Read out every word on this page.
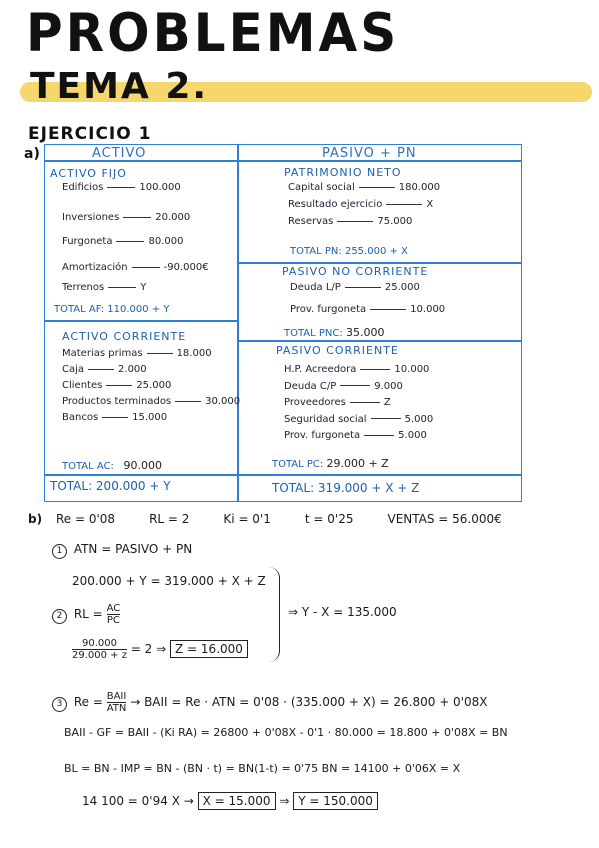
PROBLEMAS
TEMA 2.
EJERCICIO 1
a)	ACTIVO	PASIVO + PN
ACTIVO FIJO
Edificios	100.000
Inversiones	20.000
Furgoneta	80.000
Amortización	-90.000€
Terrenos	Y
TOTAL AF: 110.000 + Y
ACTIVO CORRIENTE
Materias primas	18.000
Caja	2.000
Clientes	25.000
Productos terminados	30.000
Bancos	15.000
TOTAL AC: 90.000
TOTAL: 200.000 + Y
PATRIMONIO NETO
Capital social	180.000
Resultado ejercicio	X
Reservas	75.000
TOTAL PN: 255.000 + X
PASIVO NO CORRIENTE
Deuda L/P	25.000
Prov. furgoneta	10.000
TOTAL PNC: 35.000
PASIVO CORRIENTE
H.P. Acreedora	10.000
Deuda C/P	9.000
Proveedores	Z
Seguridad social	5.000
Prov. furgoneta	5.000
TOTAL PC: 29.000 + Z
TOTAL: 319.000 + X + Z
b) Re = 0'08	RL = 2	Ki = 0'1	t = 0'25	VENTAS = 56.000€
1 ATN = PASIVO + PN
200.000 + Y = 319.000 + X + Z
2 RL = $\frac{AC}{PC}$
$\frac{90.000}{29.000 + z} = 2$ ⇒ Z = 16.000
⇒ Y - X = 135.000
3 $Re = \frac{\text{BAII}}{\text{ATN}}$ → BAII = Re · ATN = 0'08 · (335.000 + X) = 26.800 + 0'08X
BAII - GF = BAII - (Ki RA) = 26800 + 0'08X - 0'1 · 80.000 = 18.800 + 0'08X = BN
BL = BN - IMP = BN - (BN · t) = BN(1-t) = 0'75 BN = 14100 + 0'06X = X
14 100 = 0'94 X → X = 15.000 ⇒ Y = 150.000
